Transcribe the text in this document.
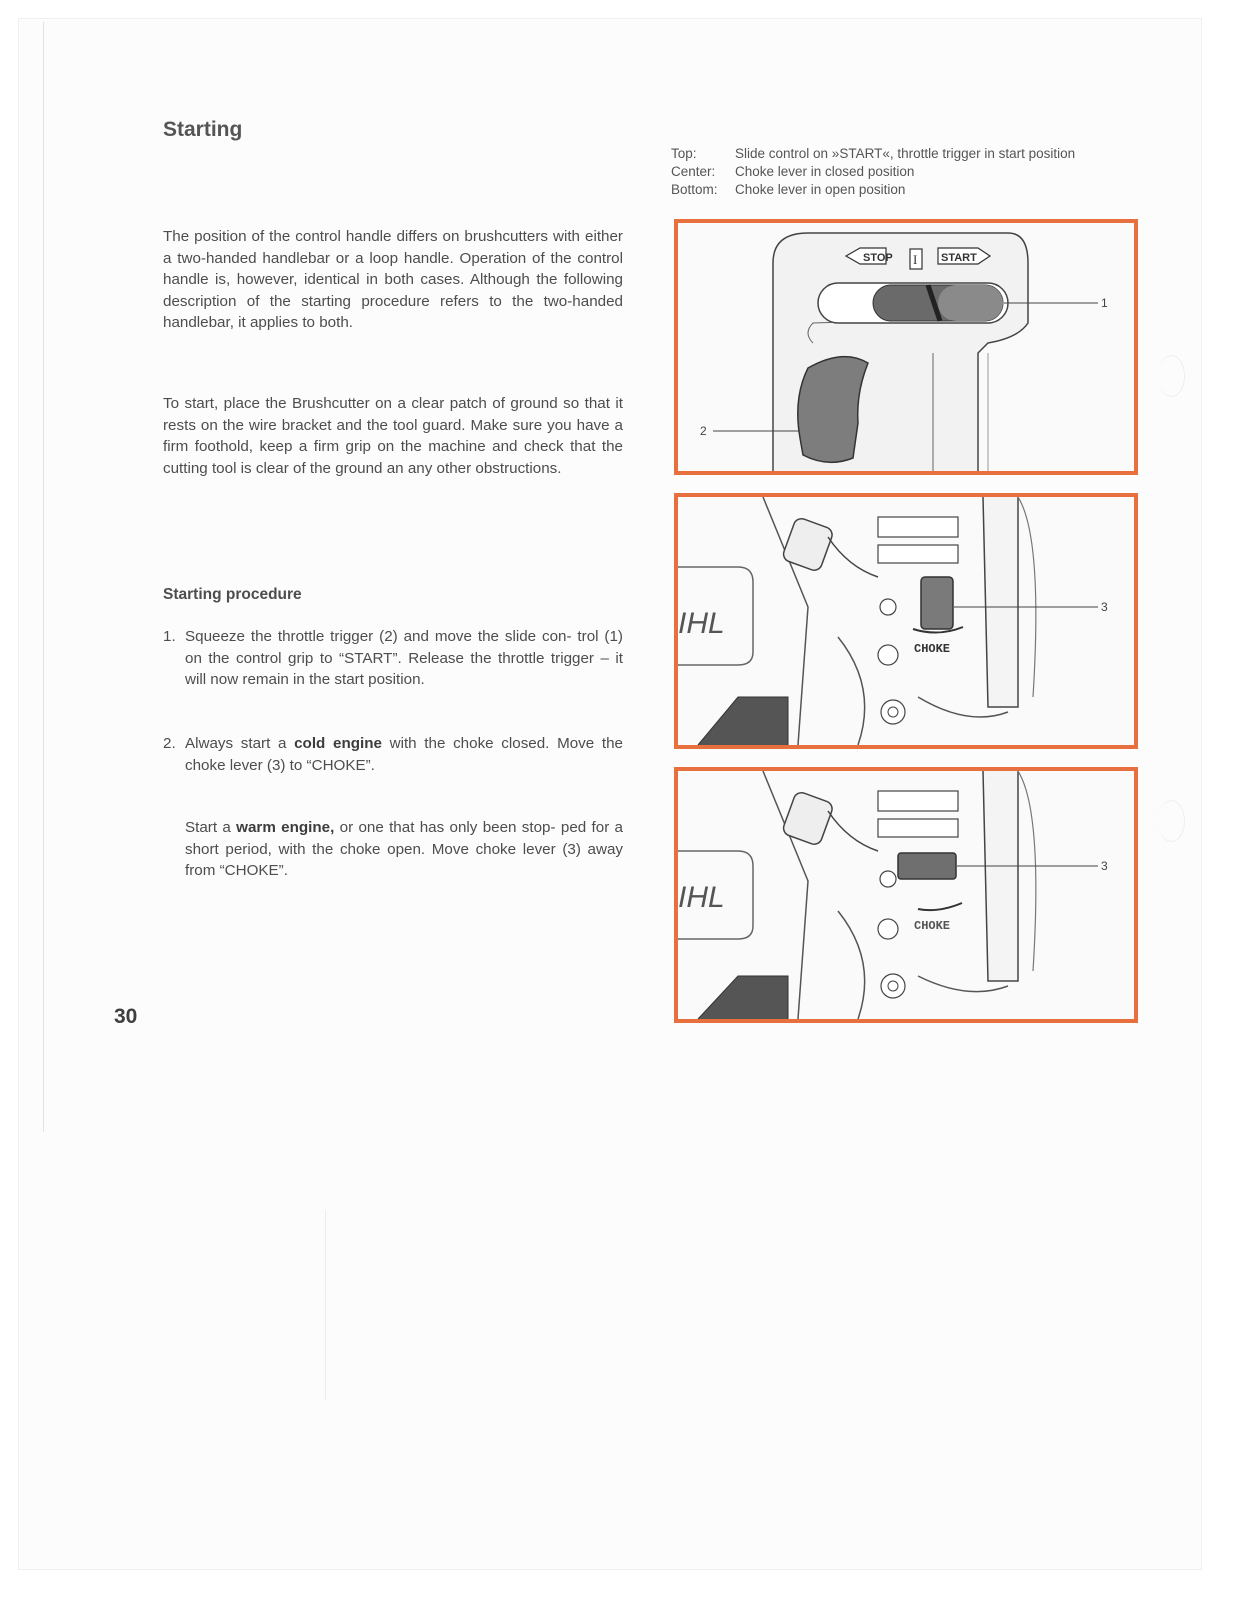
Starting

The position of the control handle differs on brushcutters with either a two-handed handlebar or a loop handle. Operation of the control handle is, however, identical in both cases. Although the following description of the starting procedure refers to the two-handed handlebar, it applies to both.

To start, place the Brushcutter on a clear patch of ground so that it rests on the wire bracket and the tool guard. Make sure you have a firm foothold, keep a firm grip on the machine and check that the cutting tool is clear of the ground an any other obstructions.

Starting procedure
1. Squeeze the throttle trigger (2) and move the slide con- trol (1) on the control grip to “START”. Release the throttle trigger – it will now remain in the start position.
2. Always start a cold engine with the choke closed. Move the choke lever (3) to “CHOKE”.
Start a warm engine, or one that has only been stop- ped for a short period, with the choke open. Move choke lever (3) away from “CHOKE”.
30
Top:	Slide control on »START«, throttle trigger in start position
Center:	Choke lever in closed position
Bottom:	Choke lever in open position
STOP I START
1
2
IHL
CHOKE
3
IHL
CHOKE
3
